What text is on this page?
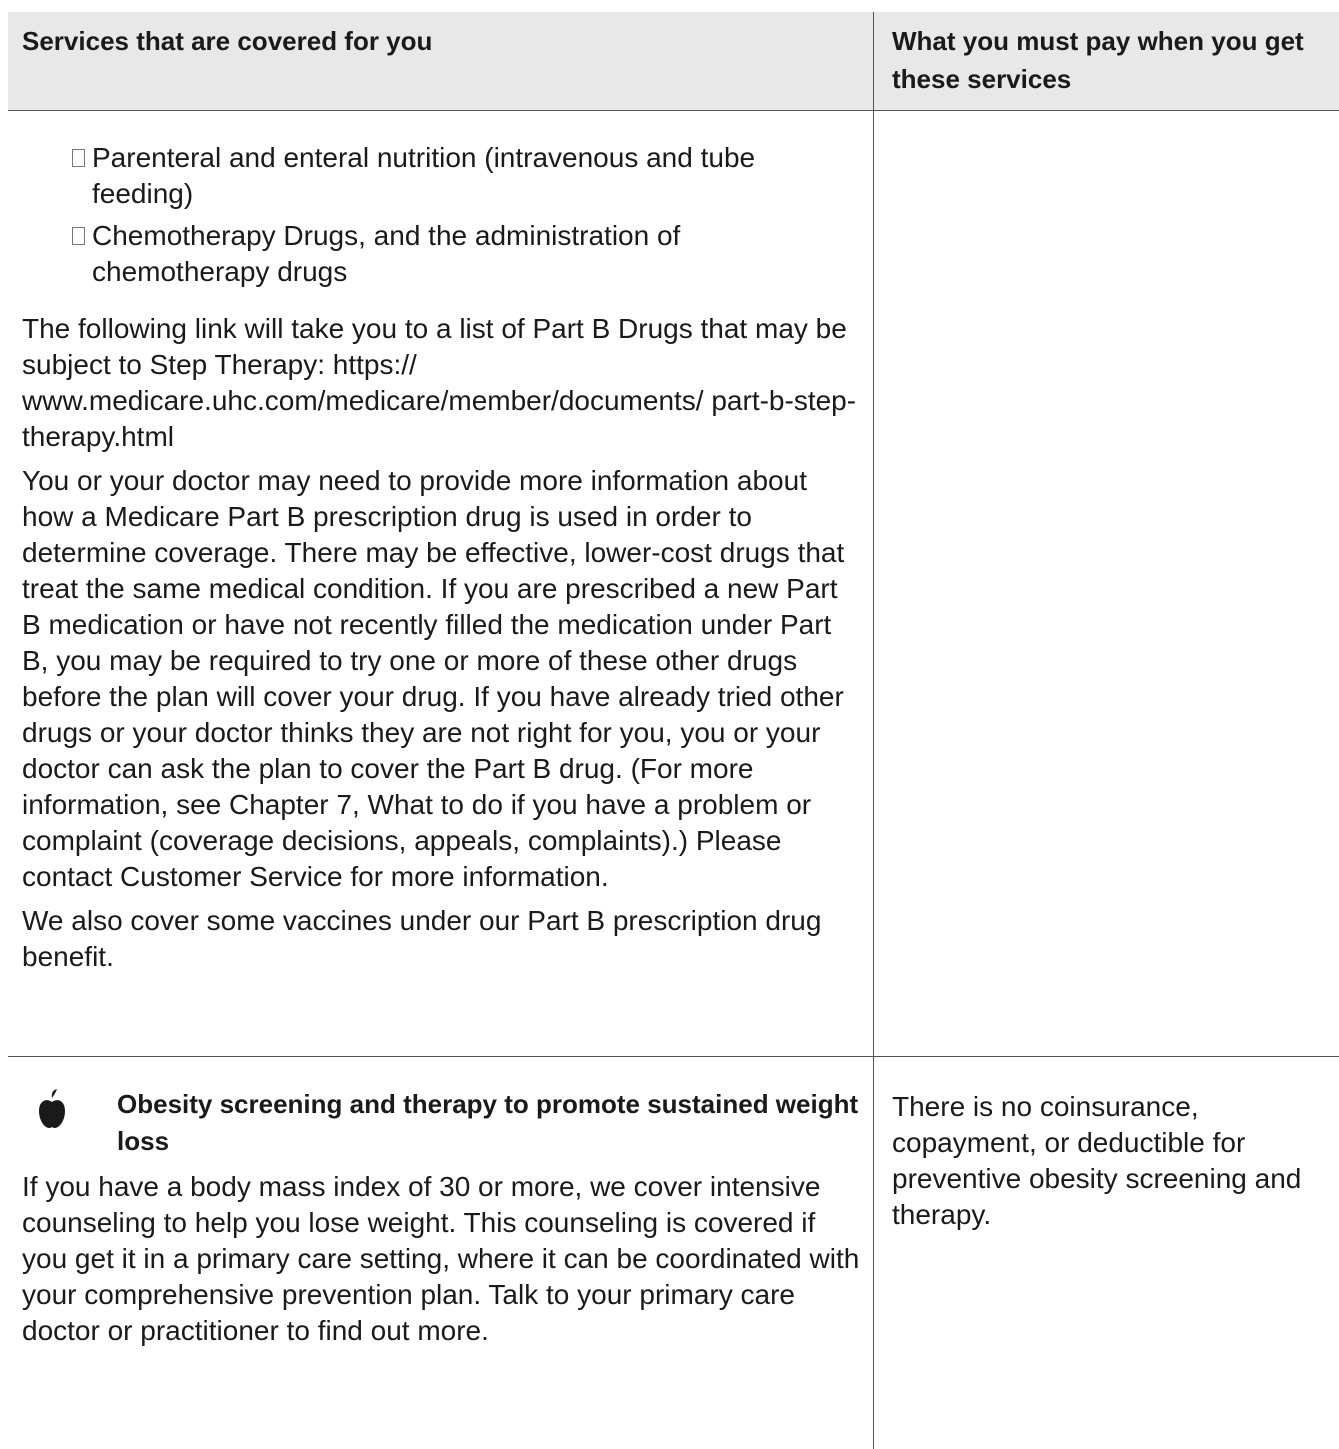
Services that are covered for you	What you must pay when you get these services
Parenteral and enteral nutrition (intravenous and tube feeding)
Chemotherapy Drugs, and the administration of chemotherapy drugs

The following link will take you to a list of Part B Drugs that may be subject to Step Therapy: https:// www.medicare.uhc.com/medicare/member/documents/ part-b-step-therapy.html

You or your doctor may need to provide more information about how a Medicare Part B prescription drug is used in order to determine coverage. There may be effective, lower-cost drugs that treat the same medical condition. If you are prescribed a new Part B medication or have not recently filled the medication under Part B, you may be required to try one or more of these other drugs before the plan will cover your drug. If you have already tried other drugs or your doctor thinks they are not right for you, you or your doctor can ask the plan to cover the Part B drug. (For more information, see Chapter 7, What to do if you have a problem or complaint (coverage decisions, appeals, complaints).) Please contact Customer Service for more information.

We also cover some vaccines under our Part B prescription drug benefit.

Obesity screening and therapy to promote sustained weight loss
If you have a body mass index of 30 or more, we cover intensive counseling to help you lose weight. This counseling is covered if you get it in a primary care setting, where it can be coordinated with your comprehensive prevention plan. Talk to your primary care doctor or practitioner to find out more.
There is no coinsurance, copayment, or deductible for preventive obesity screening and therapy.
